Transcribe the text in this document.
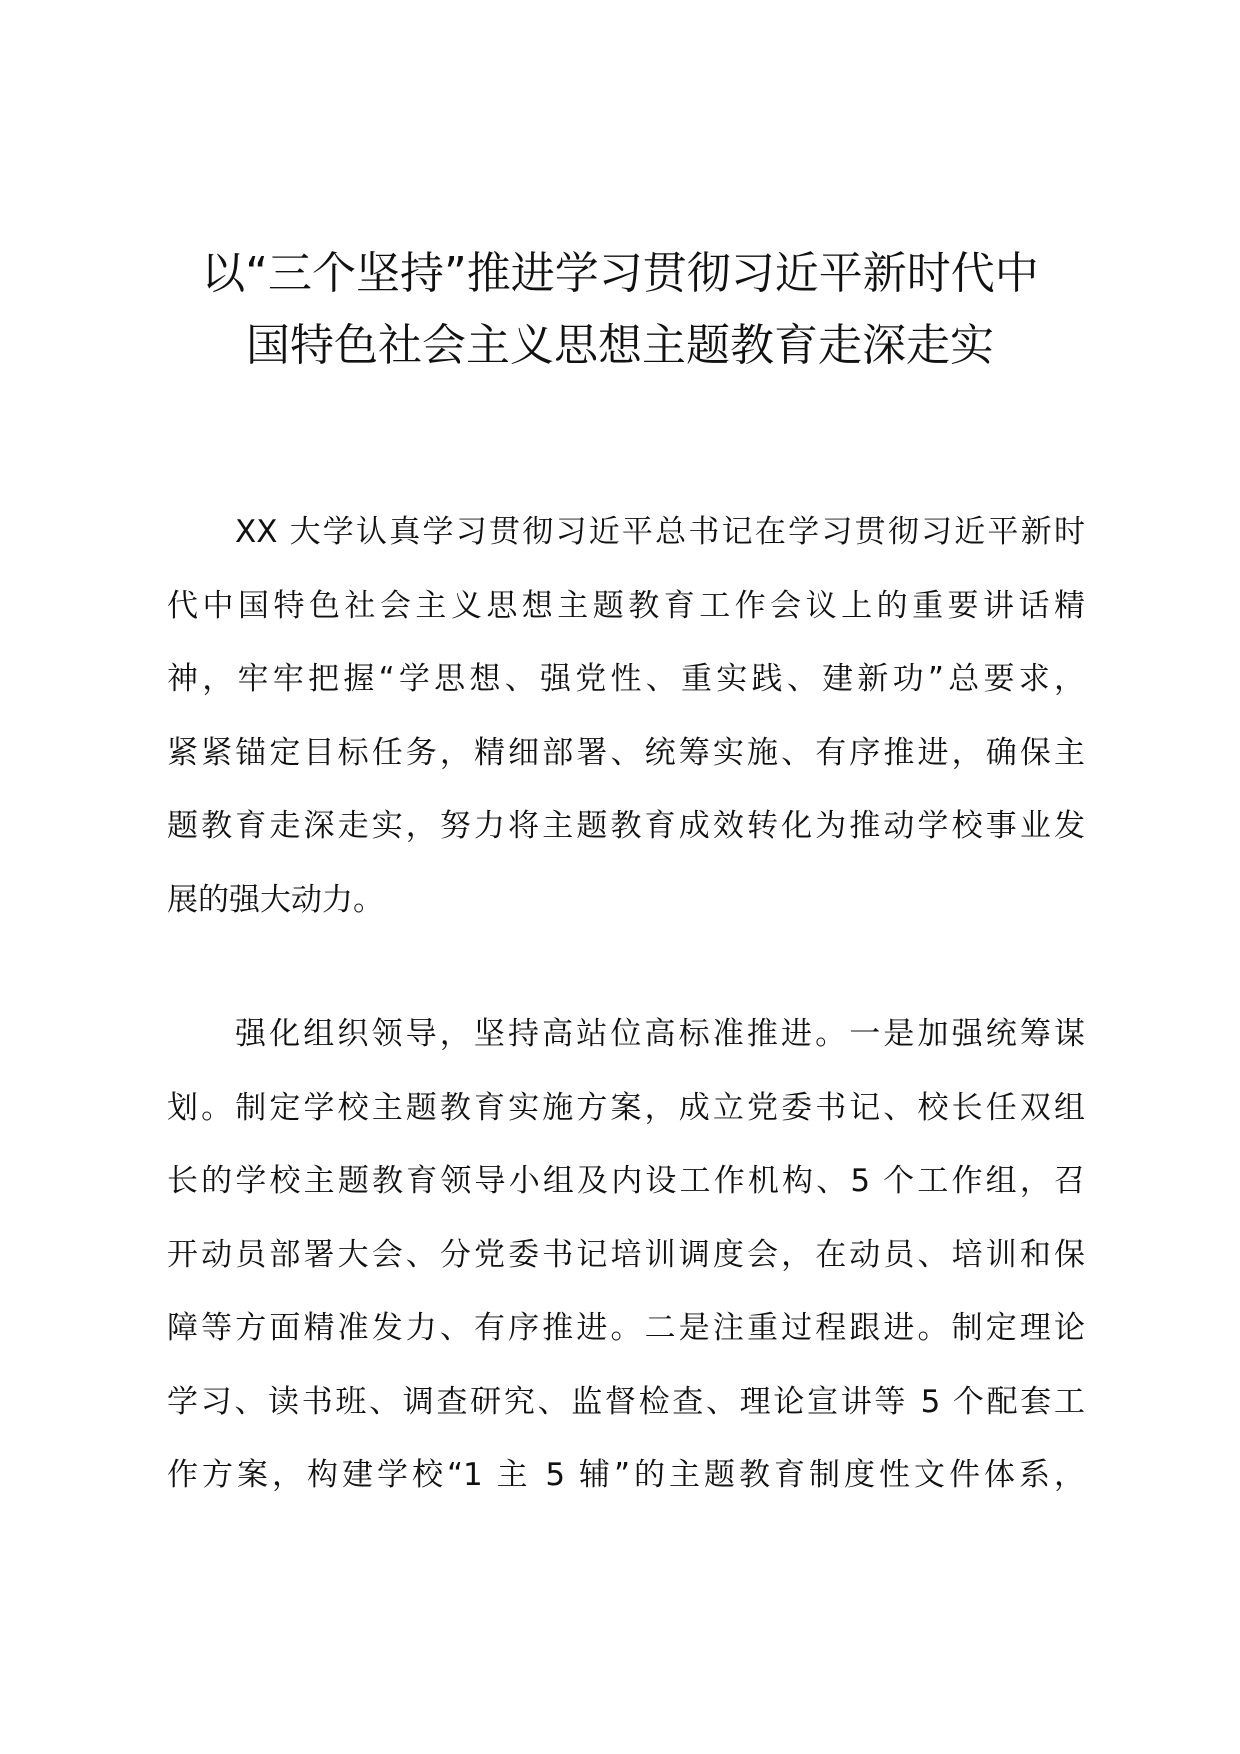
以“三个坚持”推进学习贯彻习近平新时代中
国特色社会主义思想主题教育走深走实
XX 大学认真学习贯彻习近平总书记在学习贯彻习近平新时
代中国特色社会主义思想主题教育工作会议上的重要讲话精
神，牢牢把握“学思想、强党性、重实践、建新功”总要求，
紧紧锚定目标任务，精细部署、统筹实施、有序推进，确保主
题教育走深走实，努力将主题教育成效转化为推动学校事业发
展的强大动力。
强化组织领导，坚持高站位高标准推进。一是加强统筹谋
划。制定学校主题教育实施方案，成立党委书记、校长任双组
长的学校主题教育领导小组及内设工作机构、5 个工作组，召
开动员部署大会、分党委书记培训调度会，在动员、培训和保
障等方面精准发力、有序推进。二是注重过程跟进。制定理论
学习、读书班、调查研究、监督检查、理论宣讲等 5 个配套工
作方案，构建学校“1 主 5 辅”的主题教育制度性文件体系，
